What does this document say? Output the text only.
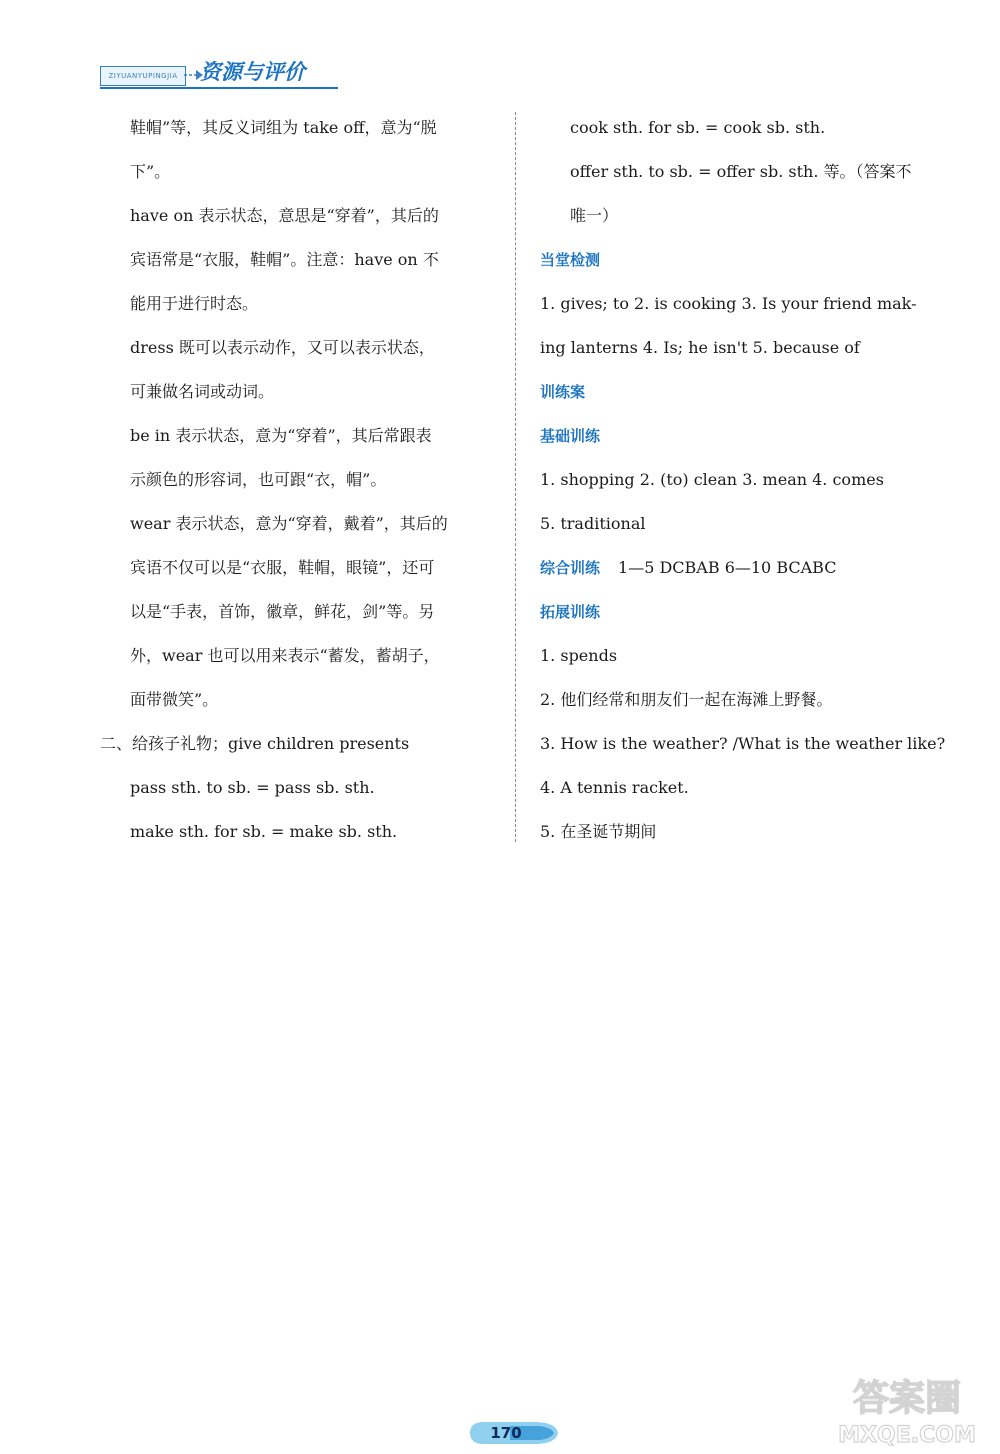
ZIYUANYUPINGJIA	资源与评价
鞋帽”等，其反义词组为 take off，意为“脱
下”。
have on 表示状态，意思是“穿着”，其后的
宾语常是“衣服，鞋帽”。注意：have on 不
能用于进行时态。
dress 既可以表示动作，又可以表示状态，
可兼做名词或动词。
be in 表示状态，意为“穿着”，其后常跟表
示颜色的形容词，也可跟“衣，帽”。
wear 表示状态，意为“穿着，戴着”，其后的
宾语不仅可以是“衣服，鞋帽，眼镜”，还可
以是“手表，首饰，徽章，鲜花，剑”等。另
外，wear 也可以用来表示“蓄发，蓄胡子，
面带微笑”。
二、给孩子礼物；give children presents
pass sth. to sb. = pass sb. sth.
make sth. for sb. = make sb. sth.
cook sth. for sb. = cook sb. sth.
offer sth. to sb. = offer sb. sth. 等。（答案不
唯一）
当堂检测
1. gives; to 2. is cooking 3. Is your friend mak-
ing lanterns 4. Is; he isn't 5. because of
训练案
基础训练
1. shopping 2. (to) clean 3. mean 4. comes
5. traditional
综合训练 1—5 DCBAB 6—10 BCABC
拓展训练
1. spends
2. 他们经常和朋友们一起在海滩上野餐。
3. How is the weather? /What is the weather like?
4. A tennis racket.
5. 在圣诞节期间
170
答案圈
MXQE.COM
